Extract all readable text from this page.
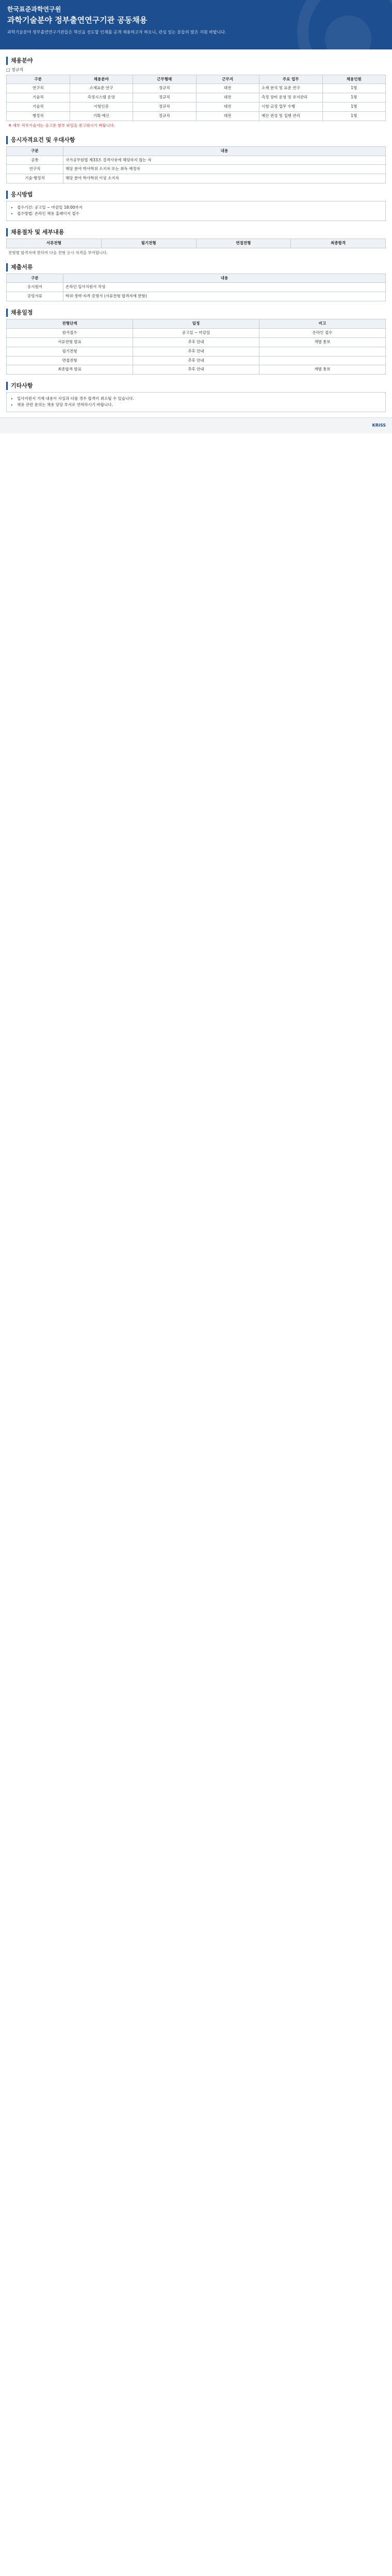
한국표준과학연구원
과학기술분야 정부출연연구기관 공동채용
과학기술분야 정부출연연구기관들은 혁신을 선도할 인재를 공개 채용하고자 하오니, 관심 있는 분들의 많은 지원 바랍니다.
채용분야
□ 정규직
구분	채용분야	근무형태	근무지	주요 업무	채용인원
연구직	소재표준 연구	정규직	대전	소재 분석 및 표준 연구	1명
기술직	측정시스템 운영	정규직	대전	측정 장비 운영 및 유지관리	1명
기술직	시험인증	정규직	대전	시험·교정 업무 수행	1명
행정직	기획·예산	정규직	대전	예산 편성 및 집행 관리	1명
※ 세부 직무기술서는 공고문 첨부 파일을 참고하시기 바랍니다.
응시자격요건 및 우대사항
구분	내용
공통	국가공무원법 제33조 결격사유에 해당하지 않는 자
연구직	해당 분야 박사학위 소지자 또는 취득 예정자
기술·행정직	해당 분야 학사학위 이상 소지자
응시방법
• 접수기간: 공고일 ~ 마감일 18:00까지
• 접수방법: 온라인 채용 홈페이지 접수
채용절차 및 세부내용
서류전형	필기전형	면접전형	최종합격
전형별 합격자에 한하여 다음 전형 응시 자격을 부여합니다.
제출서류
구분	내용
응시원서	온라인 입사지원서 작성
증빙서류	학위·경력·자격 증명서 (서류전형 합격자에 한함)
채용일정
전형단계	일정	비고
원서접수	공고일 ~ 마감일	온라인 접수
서류전형 발표	추후 안내	개별 통보
필기전형	추후 안내	
면접전형	추후 안내	
최종합격 발표	추후 안내	개별 통보
기타사항
• 입사지원서 기재 내용이 사실과 다를 경우 합격이 취소될 수 있습니다.
• 채용 관련 문의는 채용 담당 부서로 연락하시기 바랍니다.
KRISS
